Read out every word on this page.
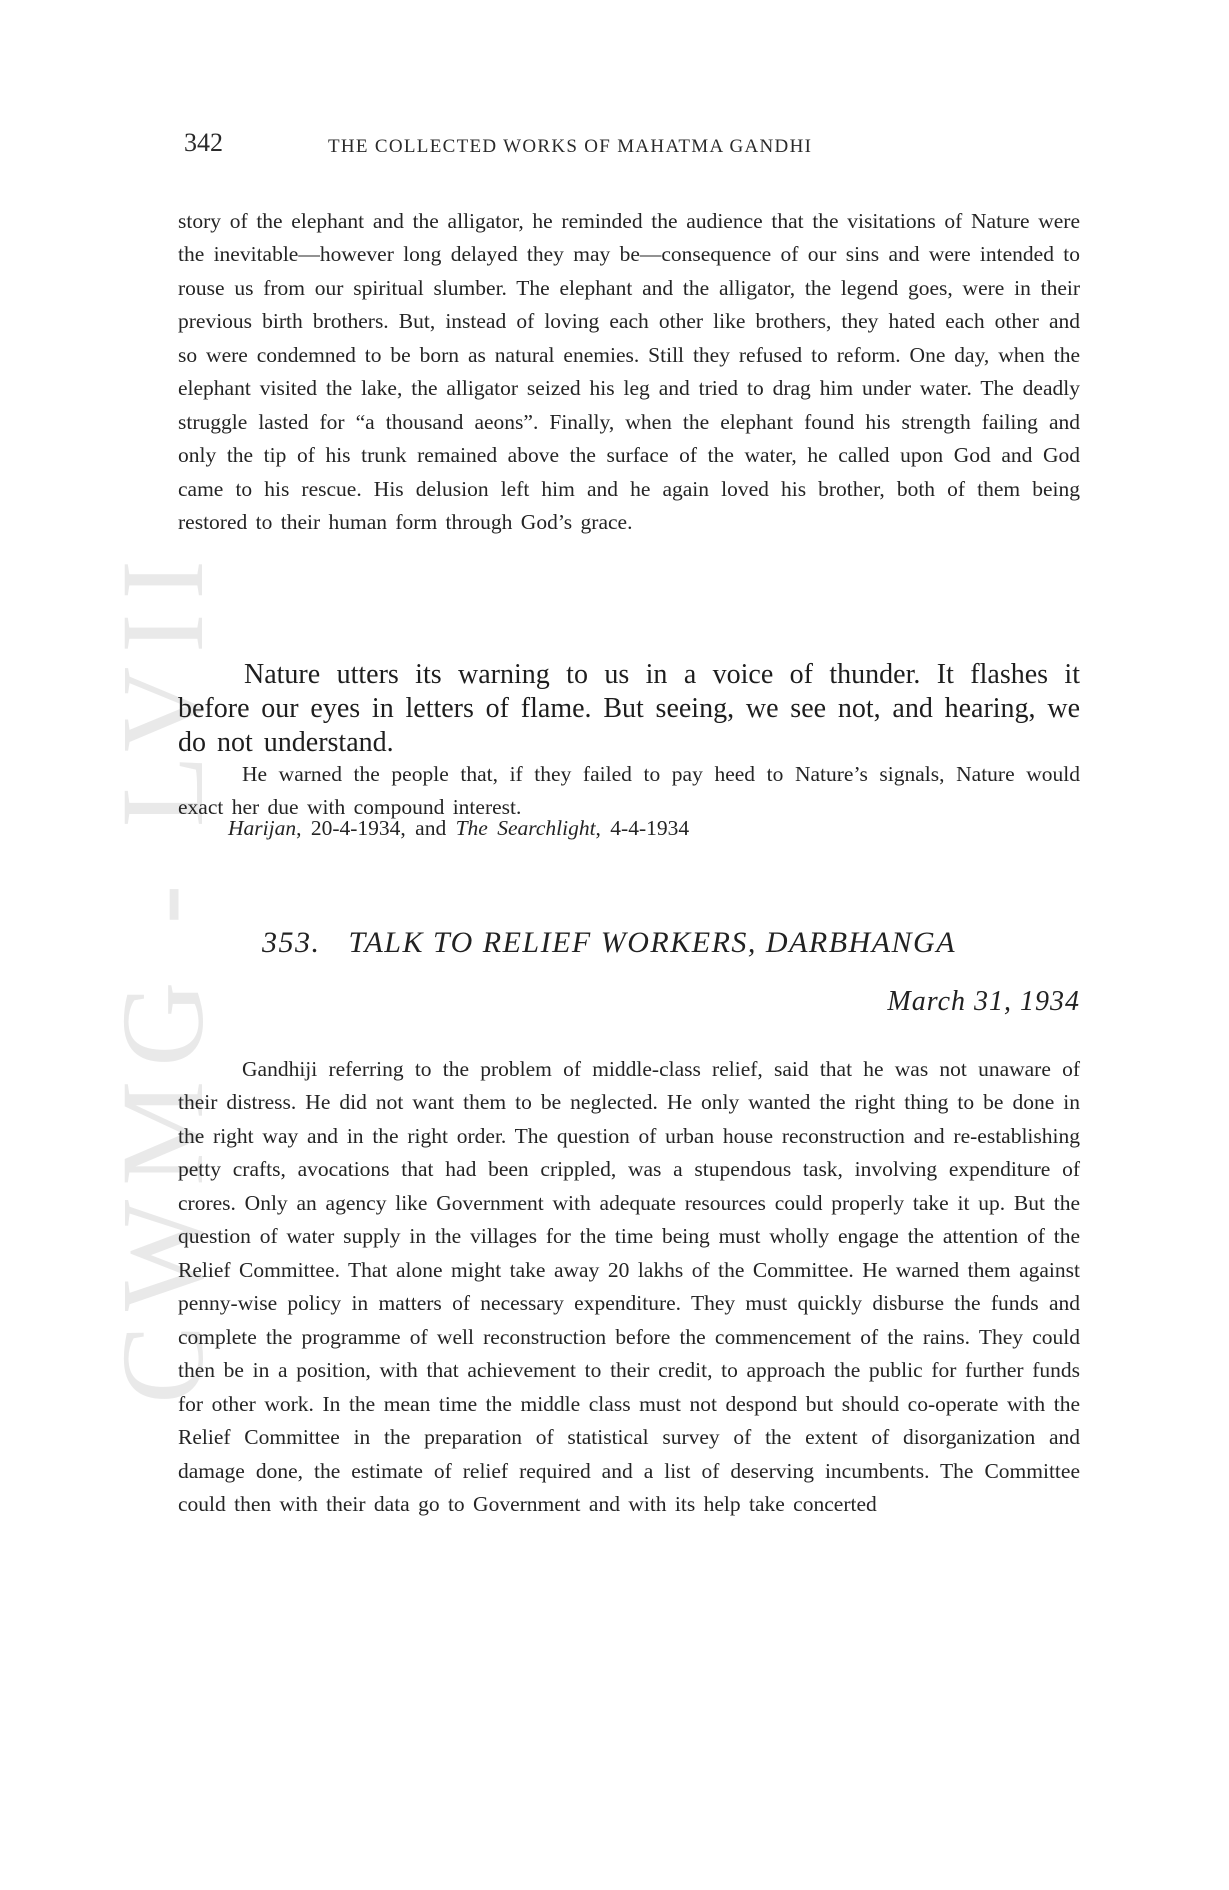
CWMG - LVII
342	THE COLLECTED WORKS OF MAHATMA GANDHI

story of the elephant and the alligator, he reminded the audience that the visitations of Nature were the inevitable—however long delayed they may be—consequence of our sins and were intended to rouse us from our spiritual slumber. The elephant and the alligator, the legend goes, were in their previous birth brothers. But, instead of loving each other like brothers, they hated each other and so were condemned to be born as natural enemies. Still they refused to reform. One day, when the elephant visited the lake, the alligator seized his leg and tried to drag him under water. The deadly struggle lasted for “a thousand aeons”. Finally, when the elephant found his strength failing and only the tip of his trunk remained above the surface of the water, he called upon God and God came to his rescue. His delusion left him and he again loved his brother, both of them being restored to their human form through God’s grace.

Nature utters its warning to us in a voice of thunder. It flashes it before our eyes in letters of flame. But seeing, we see not, and hearing, we do not understand.

He warned the people that, if they failed to pay heed to Nature’s signals, Nature would exact her due with compound interest.

Harijan, 20-4-1934, and The Searchlight, 4-4-1934
353. TALK TO RELIEF WORKERS, DARBHANGA
March 31, 1934

Gandhiji referring to the problem of middle-class relief, said that he was not unaware of their distress. He did not want them to be neglected. He only wanted the right thing to be done in the right way and in the right order. The question of urban house reconstruction and re-establishing petty crafts, avocations that had been crippled, was a stupendous task, involving expenditure of crores. Only an agency like Government with adequate resources could properly take it up. But the question of water supply in the villages for the time being must wholly engage the attention of the Relief Committee. That alone might take away 20 lakhs of the Committee. He warned them against penny-wise policy in matters of necessary expenditure. They must quickly disburse the funds and complete the programme of well reconstruction before the commencement of the rains. They could then be in a position, with that achievement to their credit, to approach the public for further funds for other work. In the mean time the middle class must not despond but should co-operate with the Relief Committee in the preparation of statistical survey of the extent of disorganization and damage done, the estimate of relief required and a list of deserving incumbents. The Committee could then with their data go to Government and with its help take concerted
